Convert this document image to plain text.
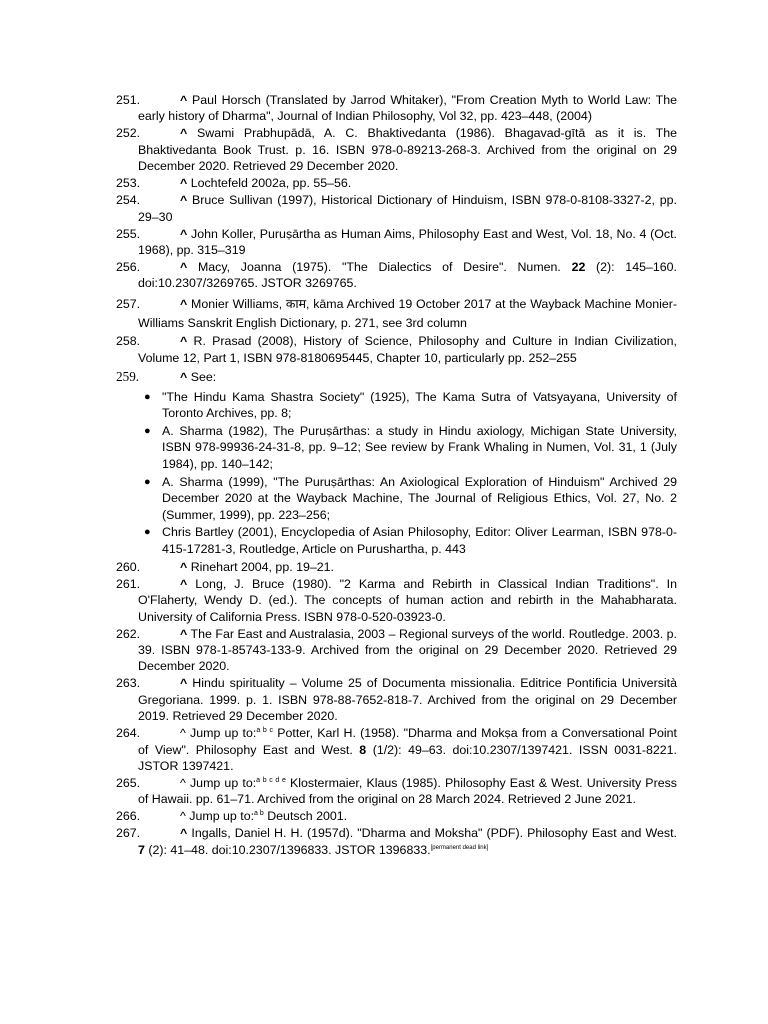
251.	^ Paul Horsch (Translated by Jarrod Whitaker), "From Creation Myth to World Law: The early history of Dharma", Journal of Indian Philosophy, Vol 32, pp. 423–448, (2004)
252.	^ Swami Prabhupādā, A. C. Bhaktivedanta (1986). Bhagavad-gītā as it is. The Bhaktivedanta Book Trust. p. 16. ISBN 978-0-89213-268-3. Archived from the original on 29 December 2020. Retrieved 29 December 2020.
253.	^ Lochtefeld 2002a, pp. 55–56.
254.	^ Bruce Sullivan (1997), Historical Dictionary of Hinduism, ISBN 978-0-8108-3327-2, pp. 29–30
255.	^ John Koller, Puruṣārtha as Human Aims, Philosophy East and West, Vol. 18, No. 4 (Oct. 1968), pp. 315–319
256.	^ Macy, Joanna (1975). "The Dialectics of Desire". Numen. 22 (2): 145–160. doi:10.2307/3269765. JSTOR 3269765.
257.	^ Monier Williams, काम, kāma Archived 19 October 2017 at the Wayback Machine Monier-Williams Sanskrit English Dictionary, p. 271, see 3rd column
258.	^ R. Prasad (2008), History of Science, Philosophy and Culture in Indian Civilization, Volume 12, Part 1, ISBN 978-8180695445, Chapter 10, particularly pp. 252–255
259.	^ See:
● "The Hindu Kama Shastra Society" (1925), The Kama Sutra of Vatsyayana, University of Toronto Archives, pp. 8;
● A. Sharma (1982), The Puruṣārthas: a study in Hindu axiology, Michigan State University, ISBN 978-99936-24-31-8, pp. 9–12; See review by Frank Whaling in Numen, Vol. 31, 1 (July 1984), pp. 140–142;
● A. Sharma (1999), "The Puruṣārthas: An Axiological Exploration of Hinduism" Archived 29 December 2020 at the Wayback Machine, The Journal of Religious Ethics, Vol. 27, No. 2 (Summer, 1999), pp. 223–256;
● Chris Bartley (2001), Encyclopedia of Asian Philosophy, Editor: Oliver Learman, ISBN 978-0-415-17281-3, Routledge, Article on Purushartha, p. 443
260.	^ Rinehart 2004, pp. 19–21.
261.	^ Long, J. Bruce (1980). "2 Karma and Rebirth in Classical Indian Traditions". In O'Flaherty, Wendy D. (ed.). The concepts of human action and rebirth in the Mahabharata. University of California Press. ISBN 978-0-520-03923-0.
262.	^ The Far East and Australasia, 2003 – Regional surveys of the world. Routledge. 2003. p. 39. ISBN 978-1-85743-133-9. Archived from the original on 29 December 2020. Retrieved 29 December 2020.
263.	^ Hindu spirituality – Volume 25 of Documenta missionalia. Editrice Pontificia Università Gregoriana. 1999. p. 1. ISBN 978-88-7652-818-7. Archived from the original on 29 December 2019. Retrieved 29 December 2020.
264.	^ Jump up to:$^{a b c}$ Potter, Karl H. (1958). "Dharma and Mokṣa from a Conversational Point of View". Philosophy East and West. 8 (1/2): 49–63. doi:10.2307/1397421. ISSN 0031-8221. JSTOR 1397421.
265.	^ Jump up to:$^{a b c d e}$ Klostermaier, Klaus (1985). Philosophy East & West. University Press of Hawaii. pp. 61–71. Archived from the original on 28 March 2024. Retrieved 2 June 2021.
266.	^ Jump up to:$^{a b}$ Deutsch 2001.
267.	^ Ingalls, Daniel H. H. (1957d). "Dharma and Moksha" (PDF). Philosophy East and West. 7 (2): 41–48. doi:10.2307/1396833. JSTOR 1396833.[permanent dead link]
